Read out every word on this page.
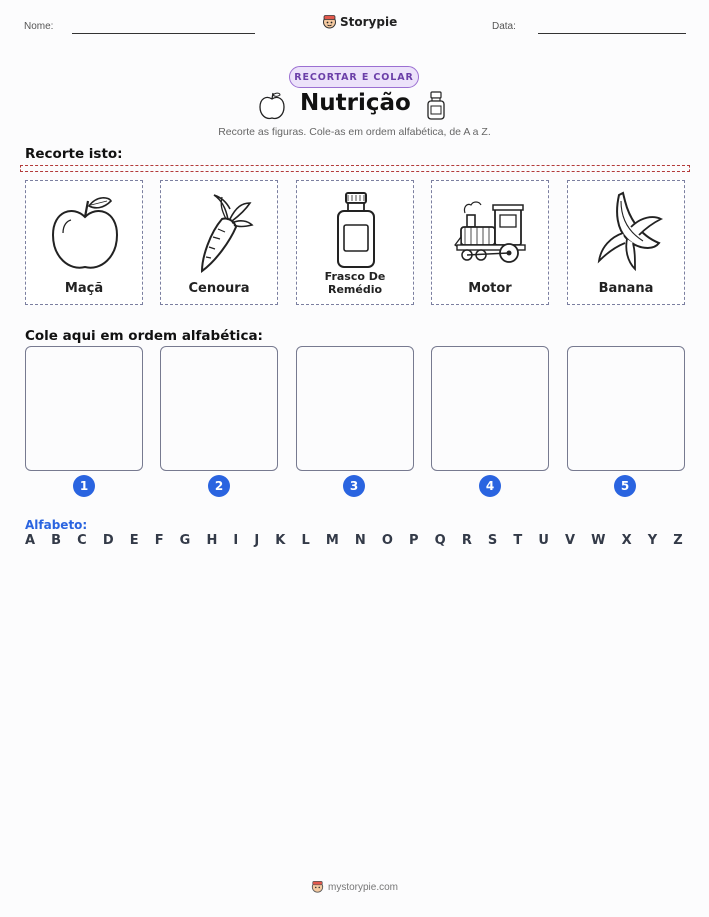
Nome:	Storypie	Data:
RECORTAR E COLAR
Nutrição
Recorte as figuras. Cole-as em ordem alfabética, de A a Z.
Recorte isto:
Maçã	Cenoura
Frasco De Remédio	Motor	Banana
Cole aqui em ordem alfabética:
1	2	3	4	5
Alfabeto:
A B C D E F G H I J K L M N O P Q R S T U V W X Y Z
mystorypie.com
